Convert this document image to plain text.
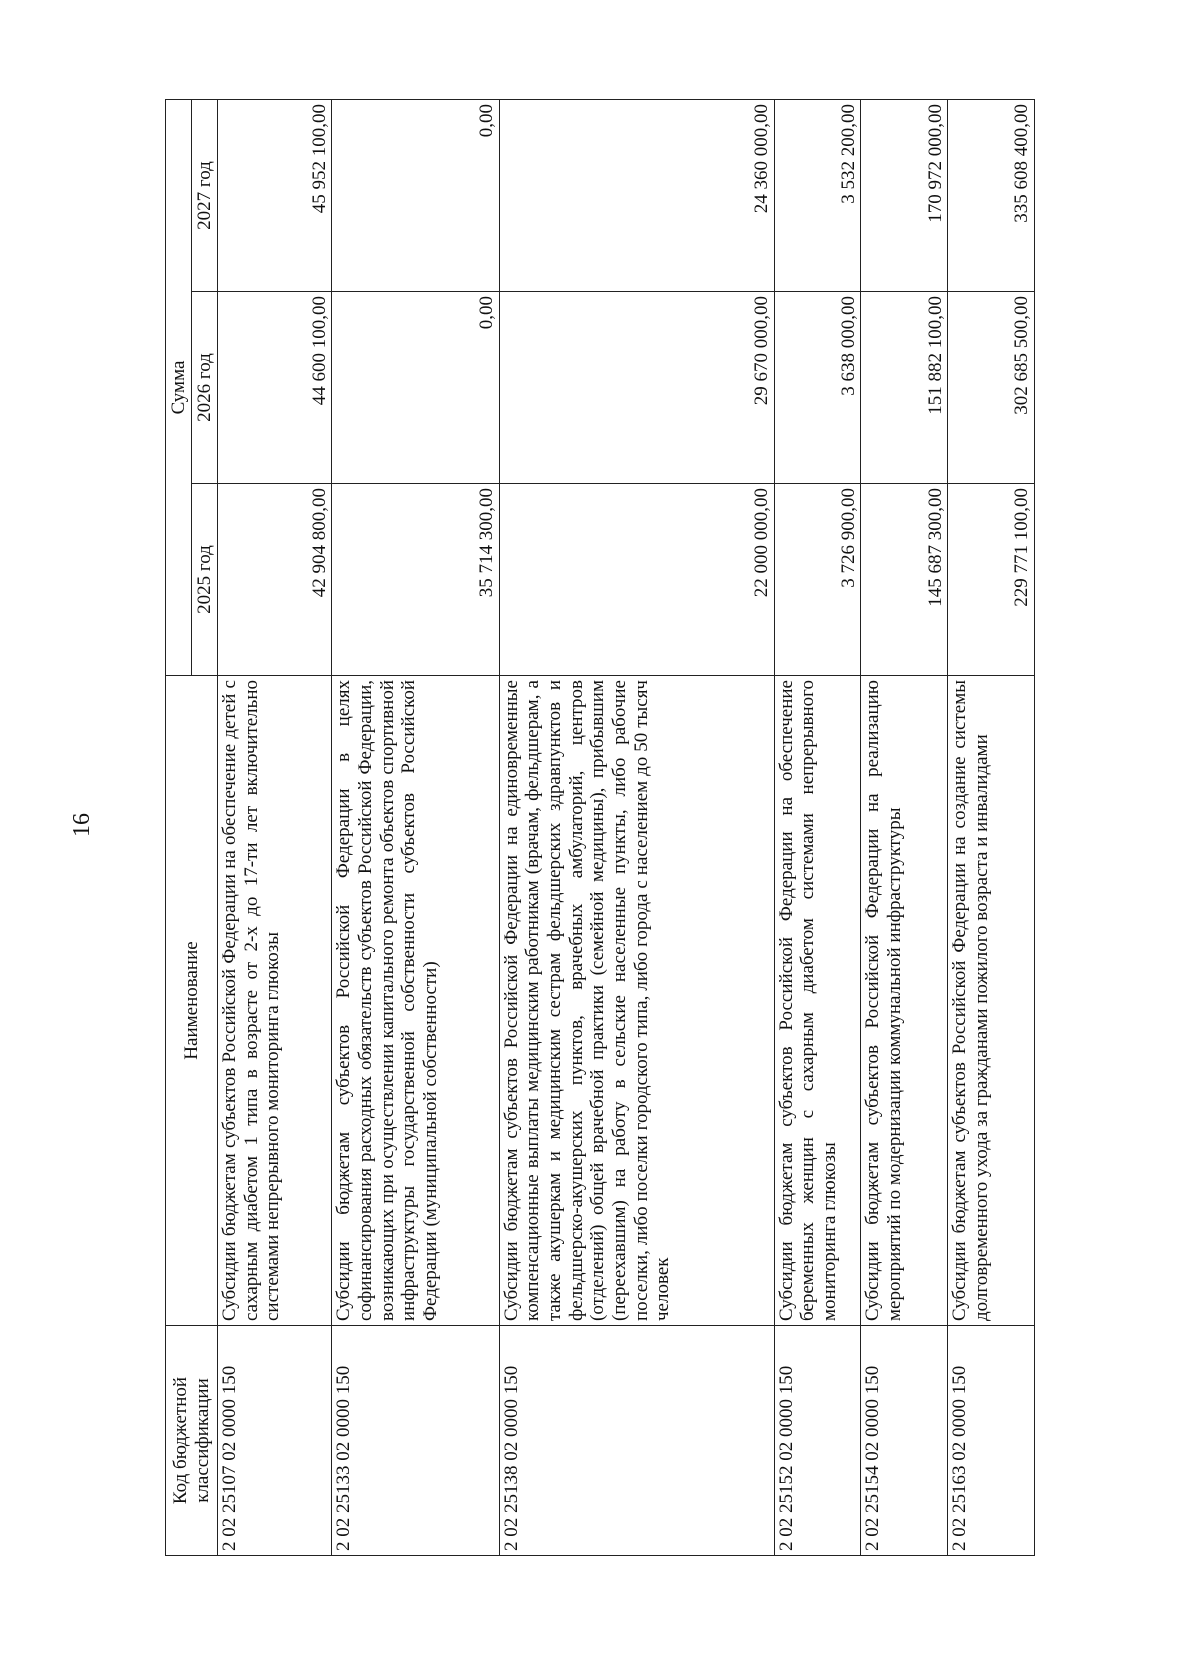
16
Код бюджетной классификации	Наименование	Сумма		
		2025 год	2026 год	2027 год
2 02 25107 02 0000 150	Субсидии бюджетам субъектов Российской Федерации на обеспечение детей с сахарным диабетом 1 типа в возрасте от 2-х до 17-ти лет включительно системами непрерывного мониторинга глюкозы	42 904 800,00	44 600 100,00	45 952 100,00
2 02 25133 02 0000 150	Субсидии бюджетам субъектов Российской Федерации в целях софинансирования расходных обязательств субъектов Российской Федерации, возникающих при осуществлении капитального ремонта объектов спортивной инфраструктуры государственной собственности субъектов Российской Федерации (муниципальной собственности)	35 714 300,00	0,00	0,00
2 02 25138 02 0000 150	Субсидии бюджетам субъектов Российской Федерации на единовременные компенсационные выплаты медицинским работникам (врачам, фельдшерам, а также акушеркам и медицинским сестрам фельдшерских здравпунктов и фельдшерско-акушерских пунктов, врачебных амбулаторий, центров (отделений) общей врачебной практики (семейной медицины), прибывшим (переехавшим) на работу в сельские населенные пункты, либо рабочие поселки, либо поселки городского типа, либо города с населением до 50 тысяч человек	22 000 000,00	29 670 000,00	24 360 000,00
2 02 25152 02 0000 150	Субсидии бюджетам субъектов Российской Федерации на обеспечение беременных женщин с сахарным диабетом системами непрерывного мониторинга глюкозы	3 726 900,00	3 638 000,00	3 532 200,00
2 02 25154 02 0000 150	Субсидии бюджетам субъектов Российской Федерации на реализацию мероприятий по модернизации коммунальной инфраструктуры	145 687 300,00	151 882 100,00	170 972 000,00
2 02 25163 02 0000 150	Субсидии бюджетам субъектов Российской Федерации на создание системы долговременного ухода за гражданами пожилого возраста и инвалидами	229 771 100,00	302 685 500,00	335 608 400,00
